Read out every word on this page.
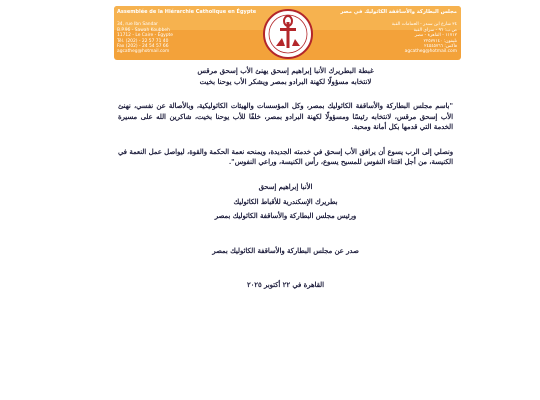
Assemblée de la Hiérarchie Catholique en Égypte
34, rue Ibn Sandar
B.P.96 - Sawah Koubbeh
11712 - Le Caire - Égypte
Tél. (202) - 22 57 71 40
Fax (202) - 24 54 57 66
agcatheg@hotmail.com
مجلس البطاركة والأساقفة الكاثوليك في مصر
٣٤ شارع ابن سندر - الحمامات القبة
ص.ب: ٩٦ - سراي القبة
١١٧١٢ - القاهرة - مصر
تليفون: ٢٢٥٧٧١٤٠
فاكس: ٢٤٥٤٥٧٦٦
agcatheg@hotmail.com
غبطة البطريرك الأنبا إبراهيم إسحق يهنئ الأب إسحق مرقس
لانتخابه مسؤولًا لكهنة البرادو بمصر ويشكر الأب يوحنا بخيت
"باسم مجلس البطاركة والأساقفة الكاثوليك بمصر، وكل المؤسسات والهيئات الكاثوليكية، وبالأصالة عن نفسي، نهنئ الأب إسحق مرقس، لانتخابه رئيسًا ومسؤولًا لكهنة البرادو بمصر، خلفًا للأب يوحنا بخيت، شاكرين الله على مسيرة الخدمة التي قدمها بكل أمانة ومحبة.
ونصلي إلى الرب يسوع أن يرافق الأب إسحق في خدمته الجديدة، ويمنحه نعمة الحكمة والقوة، ليواصل عمل النعمة في الكنيسة، من أجل اقتناء النفوس للمسيح يسوع، رأس الكنيسة، وراعي النفوس".
الأنبا إبراهيم إسحق
بطريرك الإسكندرية للأقباط الكاثوليك
ورئيس مجلس البطاركة والأساقفة الكاثوليك بمصر
صدر عن مجلس البطاركة والأساقفة الكاثوليك بمصر
القاهرة في ٢٢ أكتوبر ٢٠٢٥
